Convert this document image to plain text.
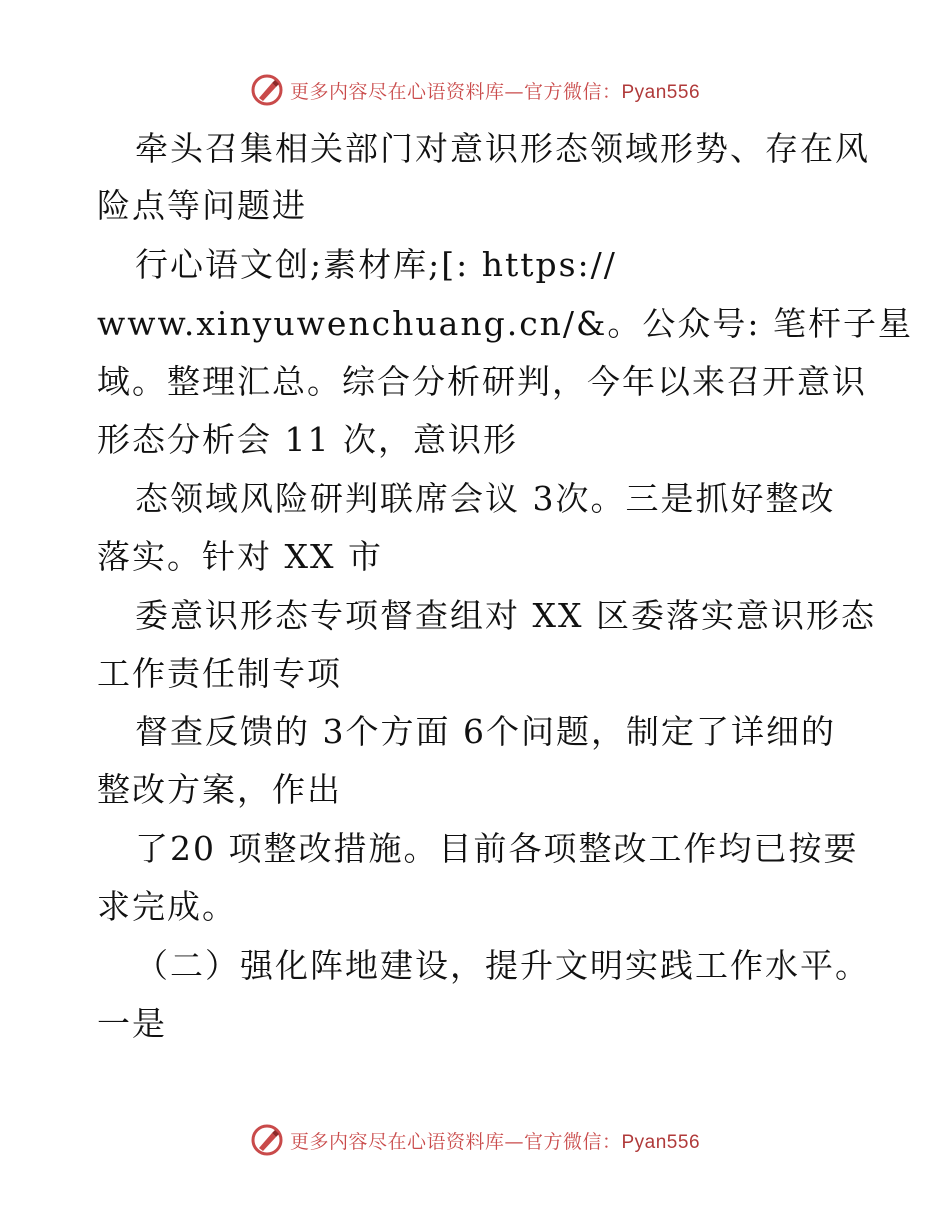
更多内容尽在心语资料库—官方微信：Pyan556
牵头召集相关部门对意识形态领域形势、存在风
险点等问题进
行心语文创;素材库;[: https://
www.xinyuwenchuang.cn/&。公众号: 笔杆子星
域。整理汇总。综合分析研判，今年以来召开意识
形态分析会 11 次，意识形
态领域风险研判联席会议 3次。三是抓好整改
落实。针对 XX 市
委意识形态专项督查组对 XX 区委落实意识形态
工作责任制专项
督查反馈的 3个方面 6个问题，制定了详细的
整改方案，作出
了20 项整改措施。目前各项整改工作均已按要
求完成。
（二）强化阵地建设，提升文明实践工作水平。
一是
更多内容尽在心语资料库—官方微信：Pyan556
